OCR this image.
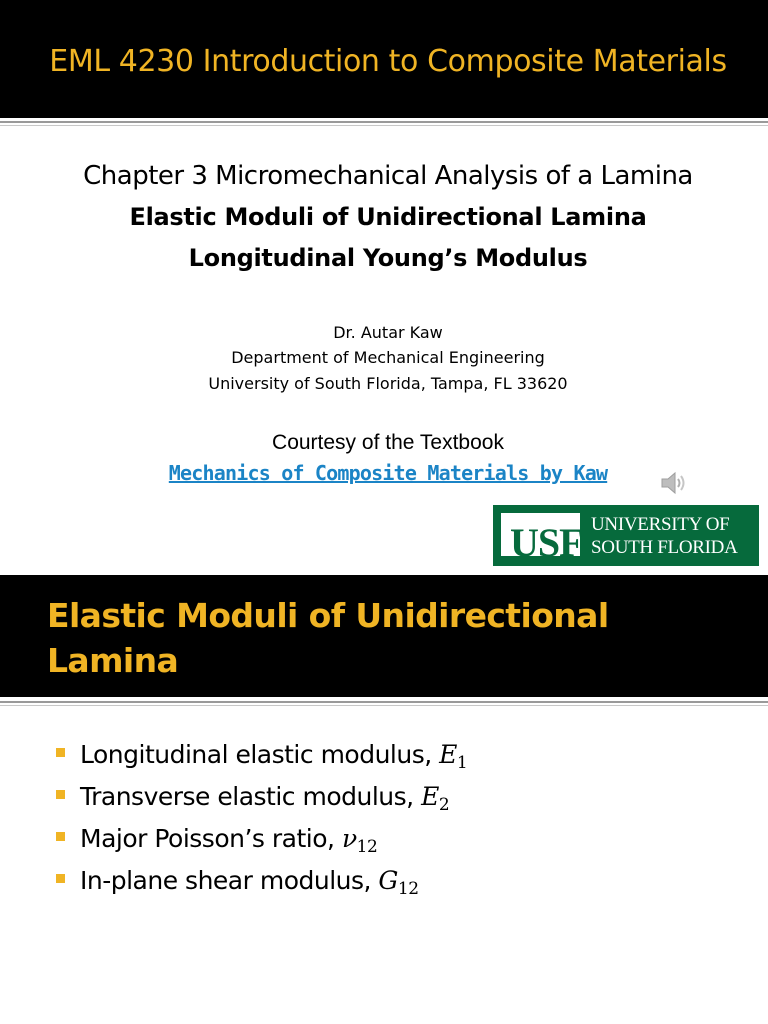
EML 4230 Introduction to Composite Materials
Chapter 3 Micromechanical Analysis of a Lamina
Elastic Moduli of Unidirectional Lamina
Longitudinal Young’s Modulus
Dr. Autar Kaw
Department of Mechanical Engineering
University of South Florida, Tampa, FL 33620
Courtesy of the Textbook
Mechanics of Composite Materials by Kaw
USF UNIVERSITY OF
SOUTH FLORIDA
Elastic Moduli of Unidirectional Lamina
Longitudinal elastic modulus, $E_1$
Transverse elastic modulus, $E_2$
Major Poisson’s ratio, $\nu_{12}$
In-plane shear modulus, $G_{12}$
